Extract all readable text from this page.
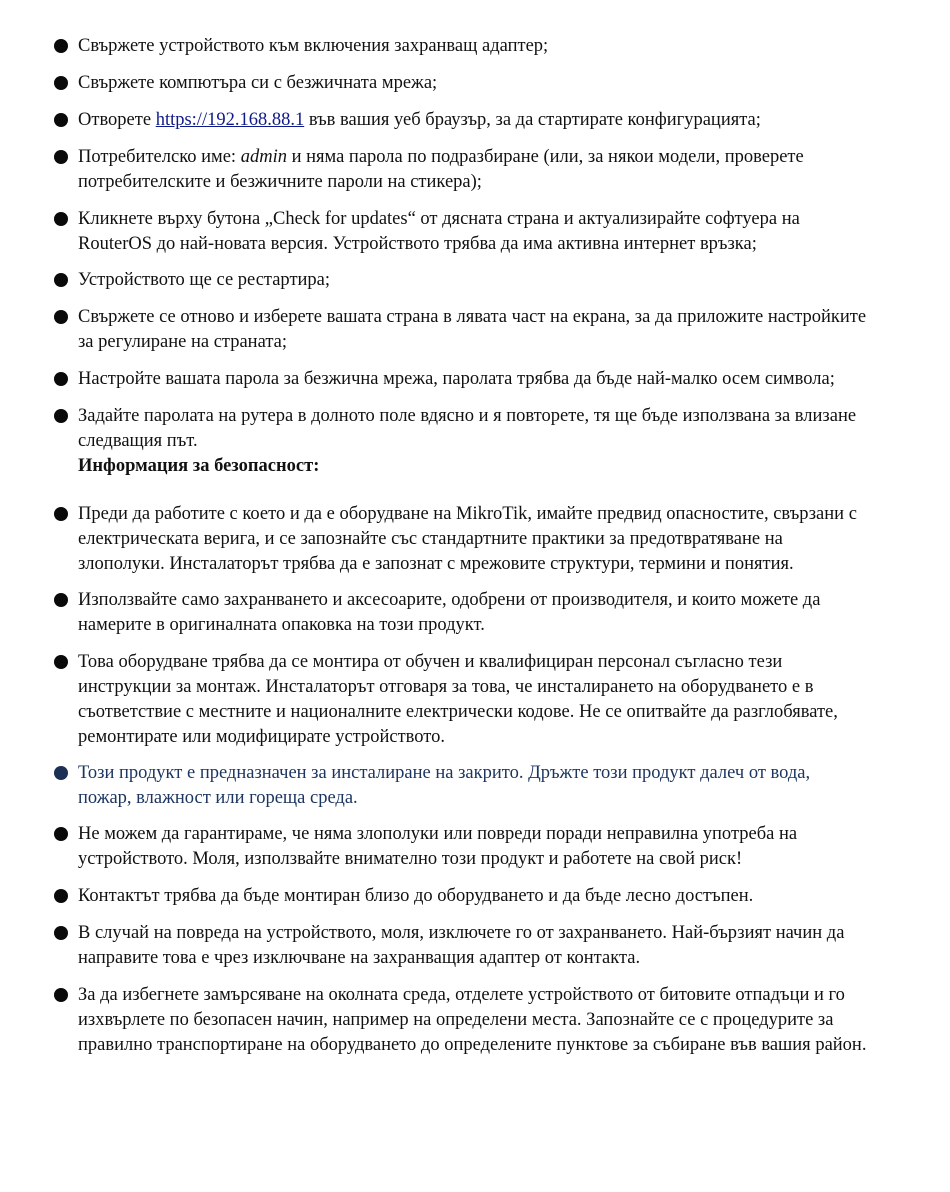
Свържете устройството към включения захранващ адаптер;
Свържете компютъра си с безжичната мрежа;
Отворете https://192.168.88.1 във вашия уеб браузър, за да стартирате конфигурацията;
Потребителско име: admin и няма парола по подразбиране (или, за някои модели, проверете потребителските и безжичните пароли на стикера);
Кликнете върху бутона „Check for updates“ от дясната страна и актуализирайте софтуера на RouterOS до най-новата версия. Устройството трябва да има активна интернет връзка;
Устройството ще се рестартира;
Свържете се отново и изберете вашата страна в лявата част на екрана, за да приложите настройките за регулиране на страната;
Настройте вашата парола за безжична мрежа, паролата трябва да бъде най-малко осем символа;
Задайте паролата на рутера в долното поле вдясно и я повторете, тя ще бъде използвана за влизане следващия път.
Информация за безопасност:
Преди да работите с което и да е оборудване на MikroTik, имайте предвид опасностите, свързани с електрическата верига, и се запознайте със стандартните практики за предотвратяване на злополуки. Инсталаторът трябва да е запознат с мрежовите структури, термини и понятия.
Използвайте само захранването и аксесоарите, одобрени от производителя, и които можете да намерите в оригиналната опаковка на този продукт.
Това оборудване трябва да се монтира от обучен и квалифициран персонал съгласно тези инструкции за монтаж. Инсталаторът отговаря за това, че инсталирането на оборудването е в съответствие с местните и националните електрически кодове. Не се опитвайте да разглобявате, ремонтирате или модифицирате устройството.
Този продукт е предназначен за инсталиране на закрито. Дръжте този продукт далеч от вода, пожар, влажност или гореща среда.
Не можем да гарантираме, че няма злополуки или повреди поради неправилна употреба на устройството. Моля, използвайте внимателно този продукт и работете на свой риск!
Контактът трябва да бъде монтиран близо до оборудването и да бъде лесно достъпен.
В случай на повреда на устройството, моля, изключете го от захранването. Най-бързият начин да направите това е чрез изключване на захранващия адаптер от контакта.
За да избегнете замърсяване на околната среда, отделете устройството от битовите отпадъци и го изхвърлете по безопасен начин, например на определени места. Запознайте се с процедурите за правилно транспортиране на оборудването до определените пунктове за събиране във вашия район.
